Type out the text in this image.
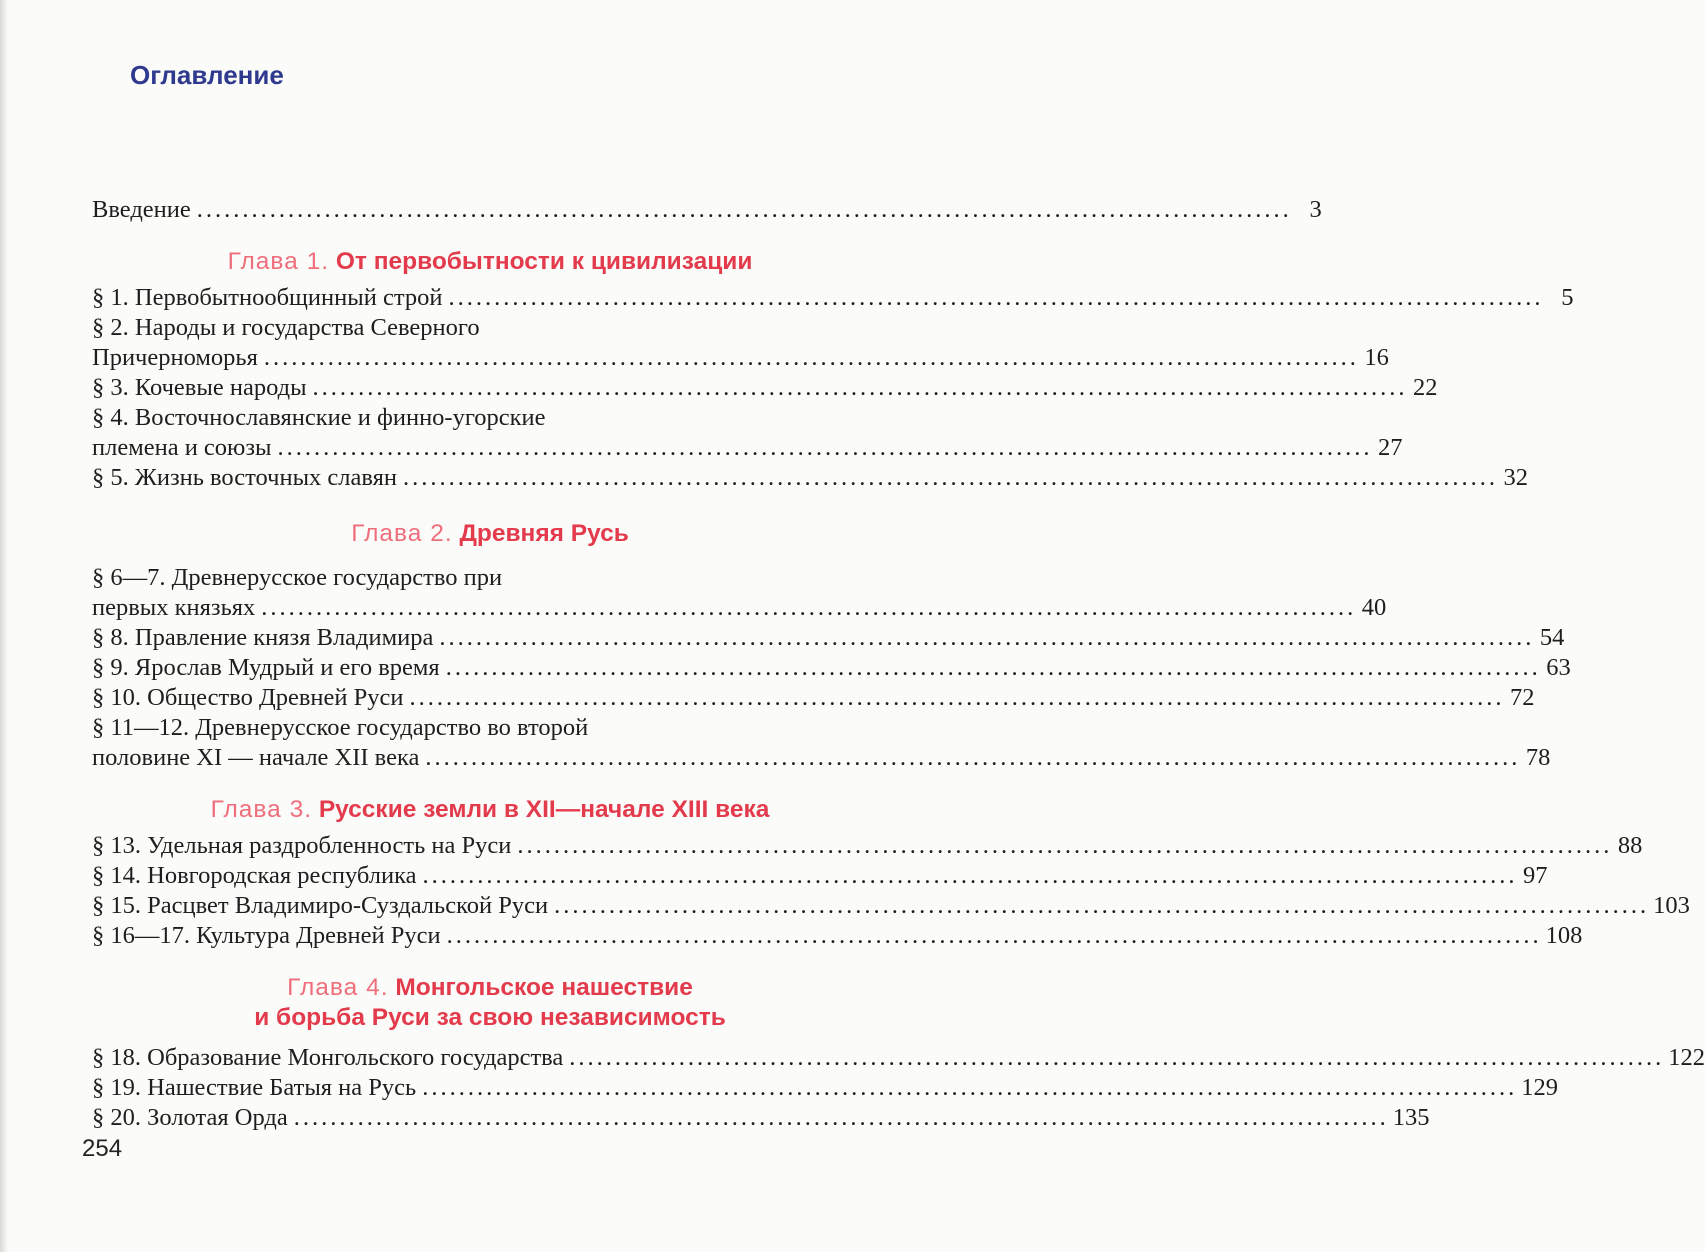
Оглавление
Введение ........................................................................................................................ 3
Глава 1. От первобытности к цивилизации
§ 1. Первобытнообщинный строй ........................................................................................................................ 5
§ 2. Народы и государства Северного
Причерноморья ........................................................................................................................ 16
§ 3. Кочевые народы ........................................................................................................................ 22
§ 4. Восточнославянские и финно-угорские
племена и союзы ........................................................................................................................ 27
§ 5. Жизнь восточных славян ........................................................................................................................ 32
Глава 2. Древняя Русь
§ 6—7. Древнерусское государство при
первых князьях ........................................................................................................................ 40
§ 8. Правление князя Владимира ........................................................................................................................ 54
§ 9. Ярослав Мудрый и его время ........................................................................................................................ 63
§ 10. Общество Древней Руси ........................................................................................................................ 72
§ 11—12. Древнерусское государство во второй
половине XI — начале XII века ........................................................................................................................ 78
Глава 3. Русские земли в XII—начале XIII века
§ 13. Удельная раздробленность на Руси ........................................................................................................................ 88
§ 14. Новгородская республика ........................................................................................................................ 97
§ 15. Расцвет Владимиро-Суздальской Руси ........................................................................................................................ 103
§ 16—17. Культура Древней Руси ........................................................................................................................ 108
Глава 4. Монгольское нашествие
и борьба Руси за свою независимость
§ 18. Образование Монгольского государства ........................................................................................................................ 122
§ 19. Нашествие Батыя на Русь ........................................................................................................................ 129
§ 20. Золотая Орда ........................................................................................................................ 135
254
